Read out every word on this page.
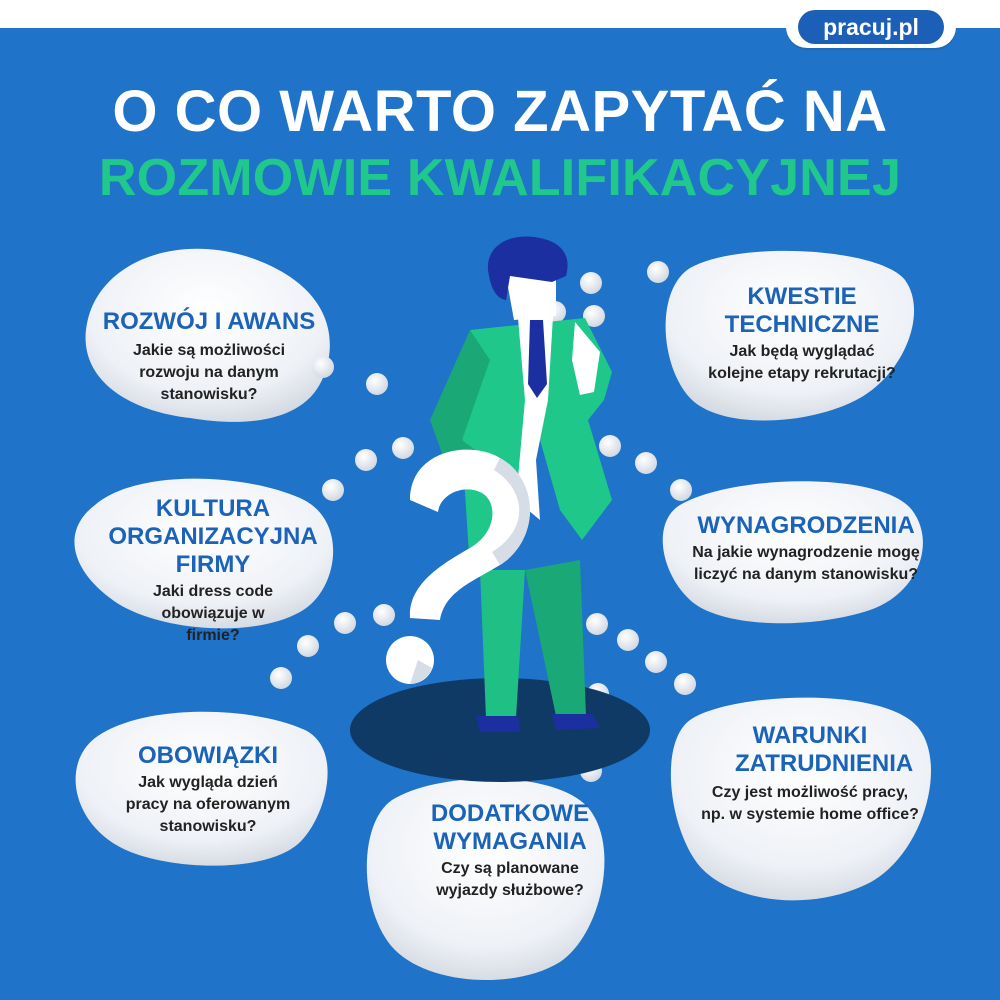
pracuj.pl
O CO WARTO ZAPYTAĆ NA
ROZMOWIE KWALIFIKACYJNEJ
ROZWÓJ I AWANS
Jakie są możliwości rozwoju na danym stanowisku?
KULTURA ORGANIZACYJNA FIRMY
Jaki dress code obowiązuje w firmie?
OBOWIĄZKI
Jak wygląda dzień pracy na oferowanym stanowisku?	DODATKOWE WYMAGANIA
Czy są planowane wyjazdy służbowe?
KWESTIE TECHNICZNE
Jak będą wyglądać kolejne etapy rekrutacji?
WYNAGRODZENIA
Na jakie wynagrodzenie mogę liczyć na danym stanowisku?
WARUNKI ZATRUDNIENIA
Czy jest możliwość pracy, np. w systemie home office?
